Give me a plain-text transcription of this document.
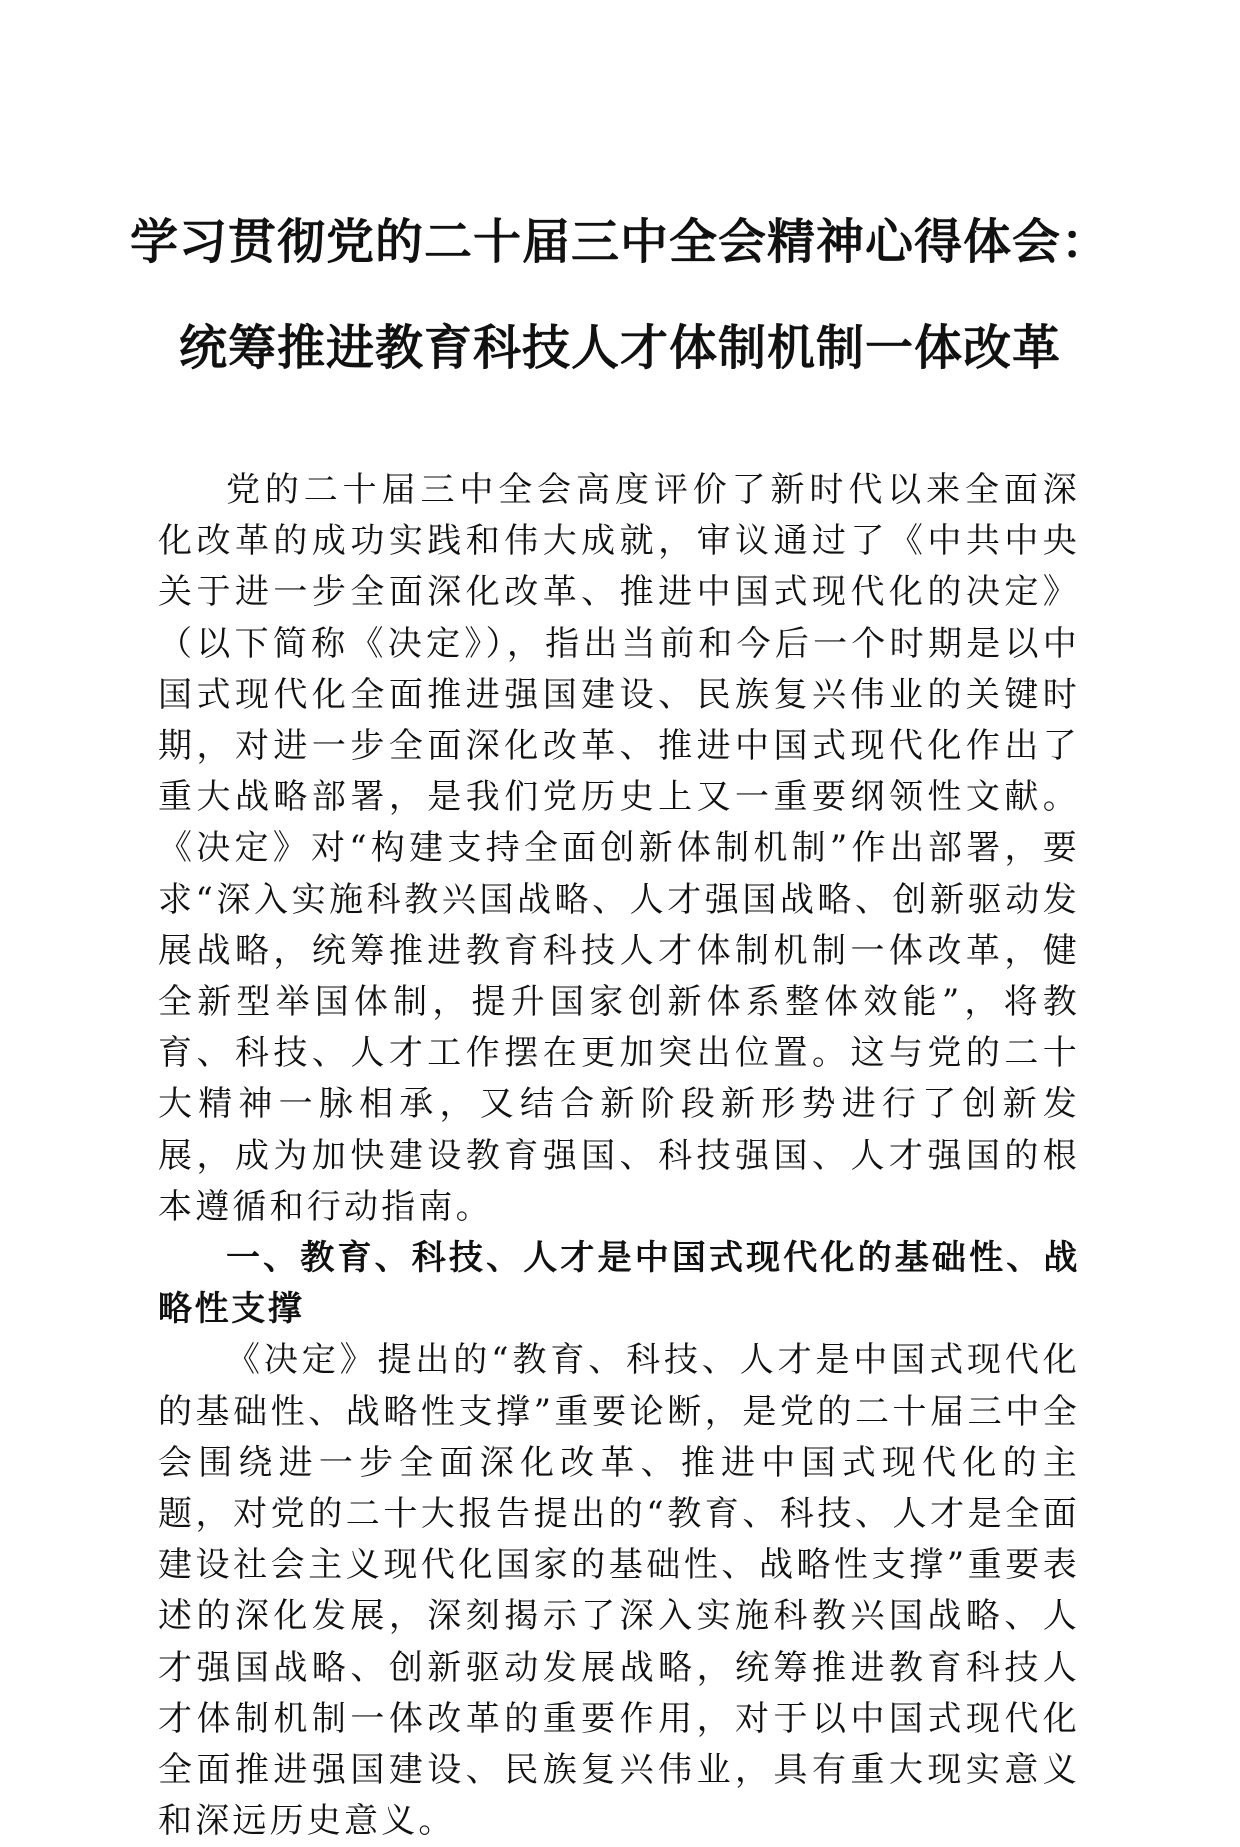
学习贯彻党的二十届三中全会精神心得体会：
统筹推进教育科技人才体制机制一体改革

党的二十届三中全会高度评价了新时代以来全面深化改革的成功实践和伟大成就，审议通过了《中共中央关于进一步全面深化改革、推进中国式现代化的决定》（以下简称《决定》），指出当前和今后一个时期是以中国式现代化全面推进强国建设、民族复兴伟业的关键时期，对进一步全面深化改革、推进中国式现代化作出了重大战略部署，是我们党历史上又一重要纲领性文献。《决定》对“构建支持全面创新体制机制”作出部署，要求“深入实施科教兴国战略、人才强国战略、创新驱动发展战略，统筹推进教育科技人才体制机制一体改革，健全新型举国体制，提升国家创新体系整体效能”，将教育、科技、人才工作摆在更加突出位置。这与党的二十大精神一脉相承，又结合新阶段新形势进行了创新发展，成为加快建设教育强国、科技强国、人才强国的根本遵循和行动指南。

一、教育、科技、人才是中国式现代化的基础性、战略性支撑

《决定》提出的“教育、科技、人才是中国式现代化的基础性、战略性支撑”重要论断，是党的二十届三中全会围绕进一步全面深化改革、推进中国式现代化的主题，对党的二十大报告提出的“教育、科技、人才是全面建设社会主义现代化国家的基础性、战略性支撑”重要表述的深化发展，深刻揭示了深入实施科教兴国战略、人才强国战略、创新驱动发展战略，统筹推进教育科技人才体制机制一体改革的重要作用，对于以中国式现代化全面推进强国建设、民族复兴伟业，具有重大现实意义和深远历史意义。
